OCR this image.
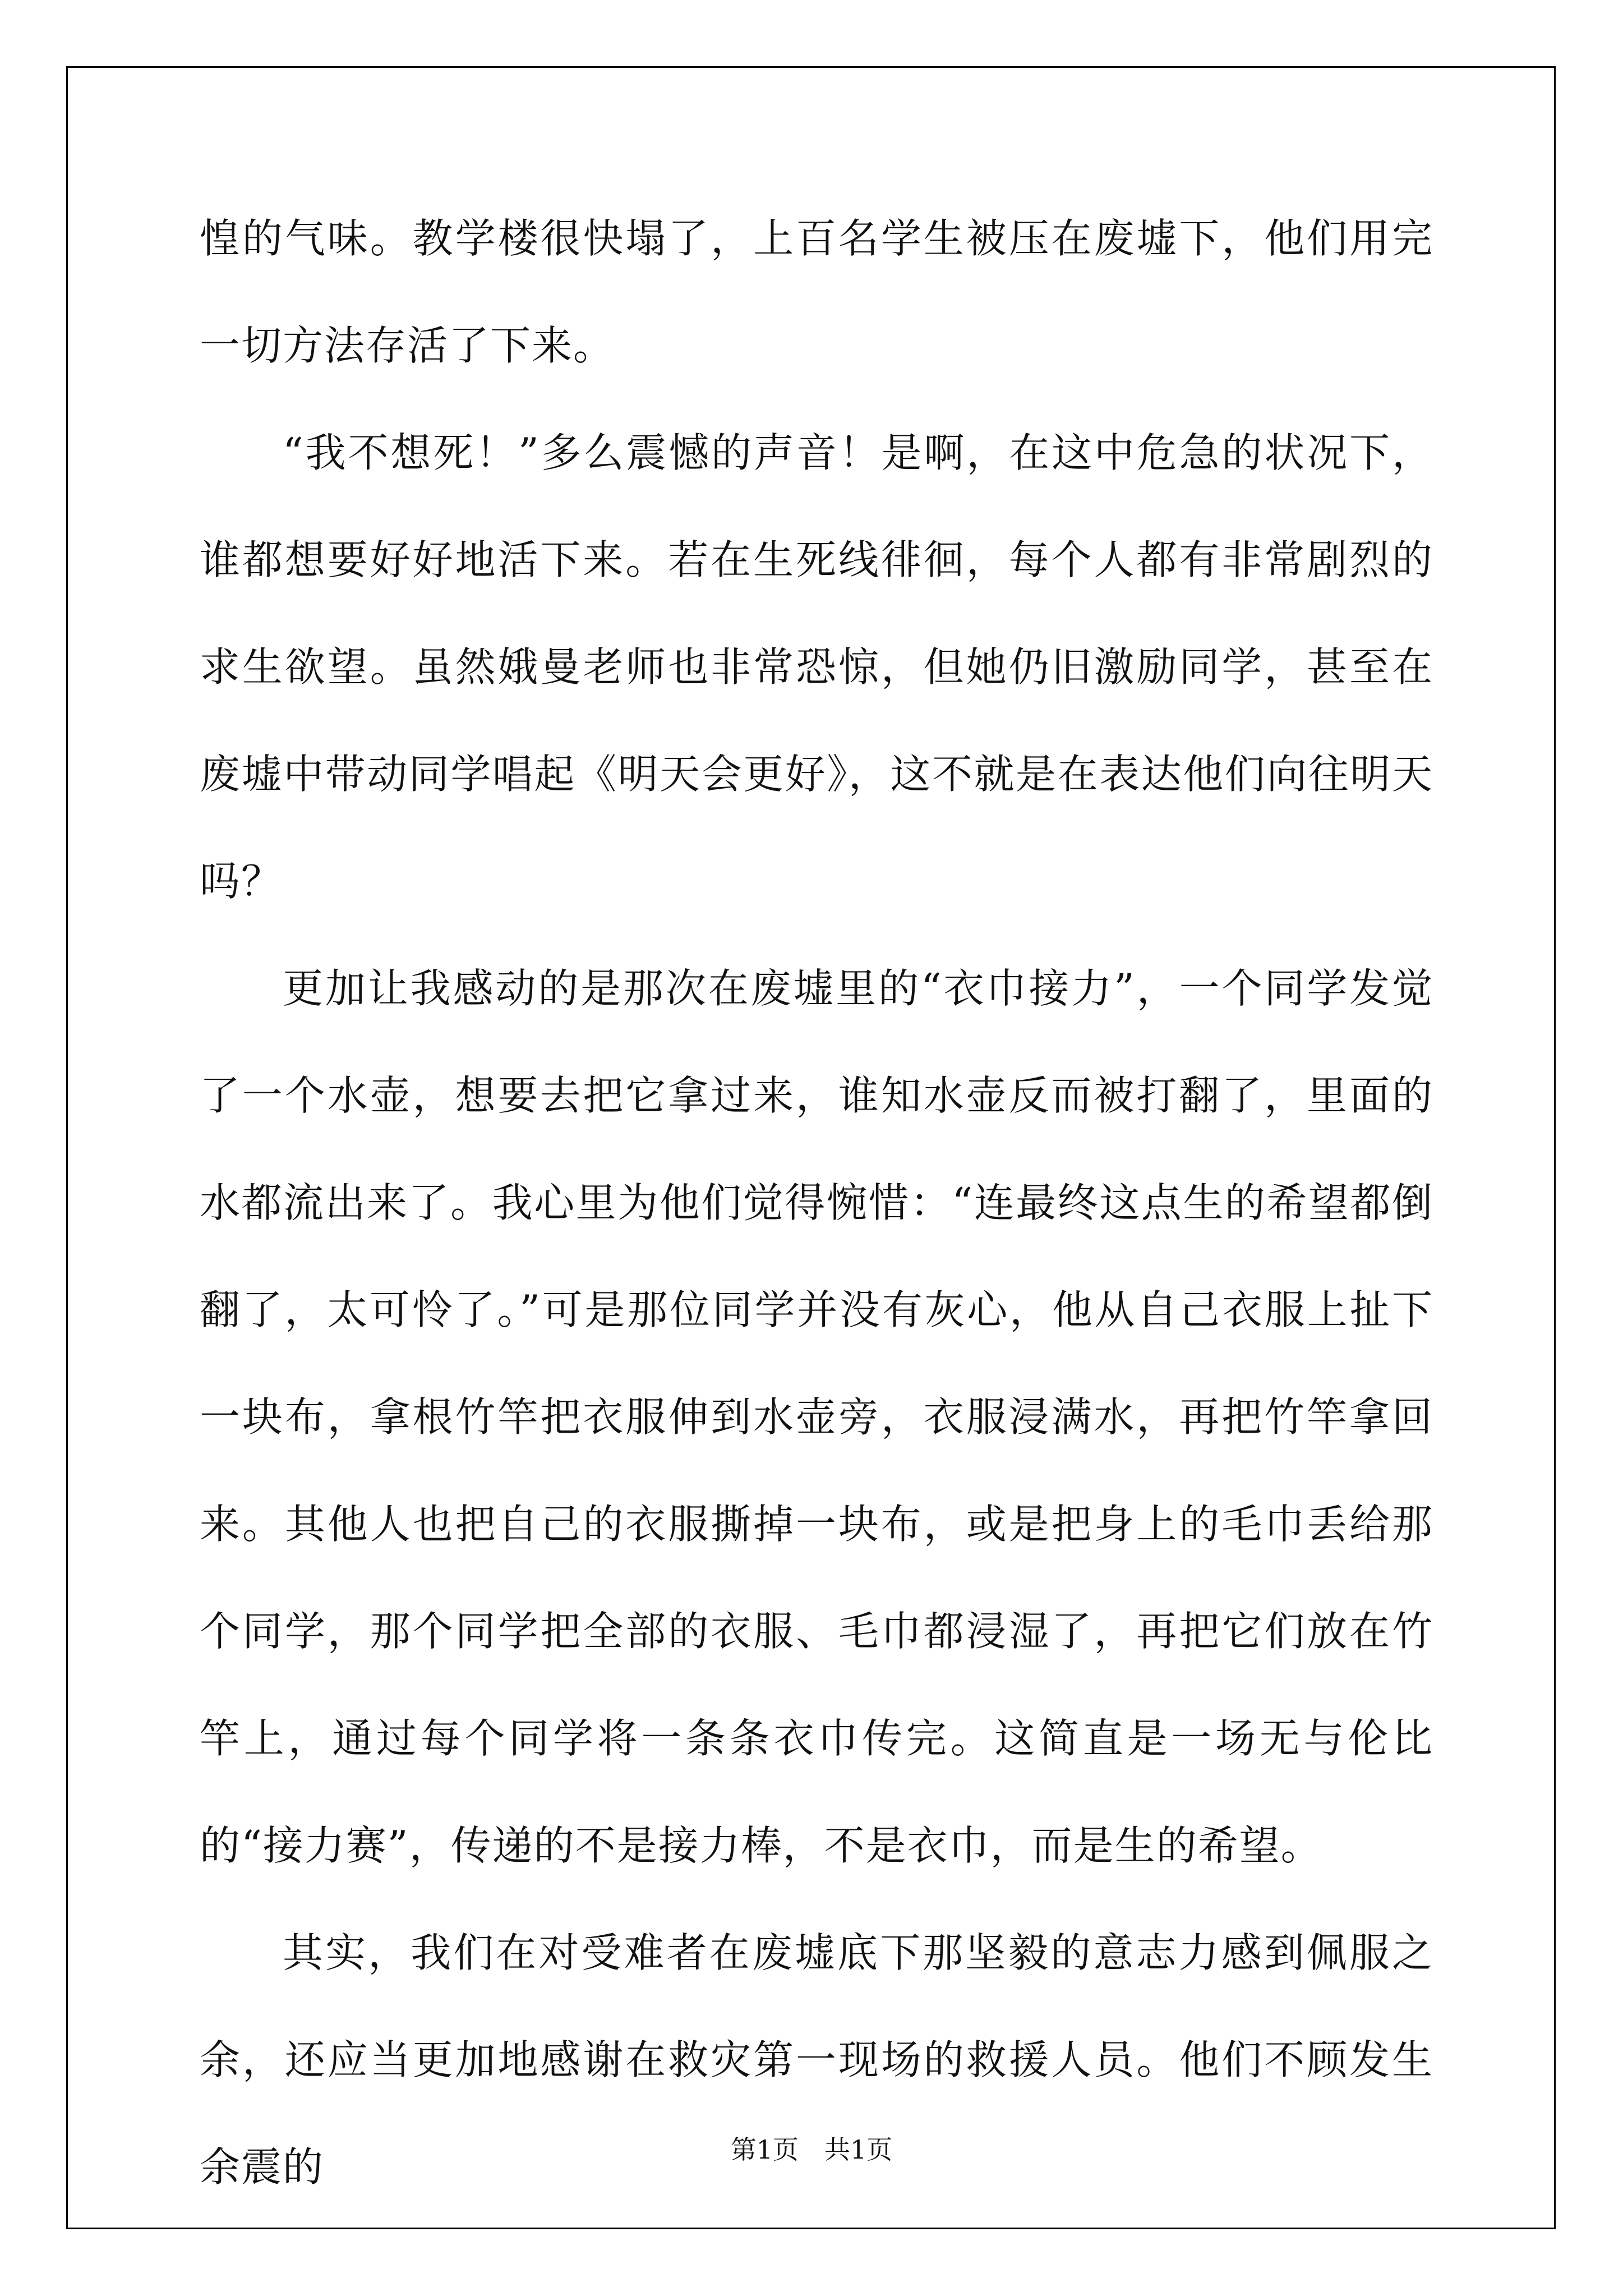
惶的气味。教学楼很快塌了，上百名学生被压在废墟下，他们用完一切方法存活了下来。

“我不想死！”多么震憾的声音！是啊，在这中危急的状况下，谁都想要好好地活下来。若在生死线徘徊，每个人都有非常剧烈的求生欲望。虽然娥曼老师也非常恐惊，但她仍旧激励同学，甚至在废墟中带动同学唱起《明天会更好》，这不就是在表达他们向往明天吗？

更加让我感动的是那次在废墟里的“衣巾接力”，一个同学发觉了一个水壶，想要去把它拿过来，谁知水壶反而被打翻了，里面的水都流出来了。我心里为他们觉得惋惜：“连最终这点生的希望都倒翻了，太可怜了。”可是那位同学并没有灰心，他从自己衣服上扯下一块布，拿根竹竿把衣服伸到水壶旁，衣服浸满水，再把竹竿拿回来。其他人也把自己的衣服撕掉一块布，或是把身上的毛巾丢给那个同学，那个同学把全部的衣服、毛巾都浸湿了，再把它们放在竹竿上，通过每个同学将一条条衣巾传完。这简直是一场无与伦比的“接力赛”，传递的不是接力棒，不是衣巾，而是生的希望。

其实，我们在对受难者在废墟底下那坚毅的意志力感到佩服之余，还应当更加地感谢在救灾第一现场的救援人员。他们不顾发生余震的	第1页　共1页
